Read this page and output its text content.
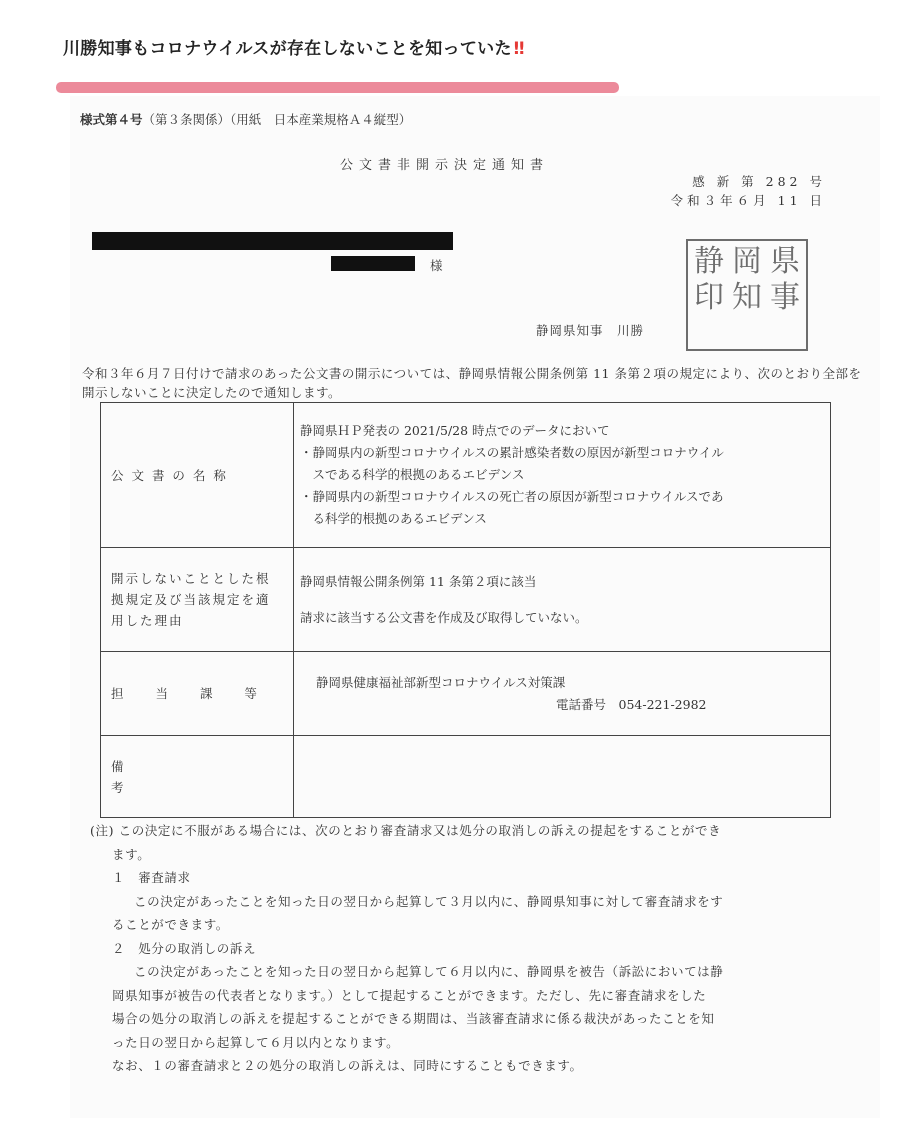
川勝知事もコロナウイルスが存在しないことを知っていた ‼
様式第４号（第３条関係）（用紙　日本産業規格Ａ４縦型）
公文書非開示決定通知書
感 新 第 282 号
令和３年６月 11 日
様	県
岡
静
事
知
印
静岡県知事　川勝
令和３年６月７日付けで請求のあった公文書の開示については、静岡県情報公開条例第 11 条第２項の規定により、次のとおり全部を開示しないことに決定したので通知します。
公 文 書 の 名 称	静岡県ＨＰ発表の 2021/5/28 時点でのデータにおいて
・静岡県内の新型コロナウイルスの累計感染者数の原因が新型コロナウイル
　スである科学的根拠のあるエビデンス
・静岡県内の新型コロナウイルスの死亡者の原因が新型コロナウイルスであ
　る科学的根拠のあるエビデンス

開示しないこととした根拠規定及び当該規定を適用した理由	静岡県情報公開条例第 11 条第２項に該当
請求に該当する公文書を作成及び取得していない。

担 当 課 等	静岡県健康福祉部新型コロナウイルス対策課
電話番号　054-221-2982

備 考	

(注) この決定に不服がある場合には、次のとおり審査請求又は処分の取消しの訴えの提起をすることができ

ます。

１　審査請求

この決定があったことを知った日の翌日から起算して３月以内に、静岡県知事に対して審査請求をす

ることができます。

２　処分の取消しの訴え

この決定があったことを知った日の翌日から起算して６月以内に、静岡県を被告（訴訟においては静

岡県知事が被告の代表者となります。）として提起することができます。ただし、先に審査請求をした

場合の処分の取消しの訴えを提起することができる期間は、当該審査請求に係る裁決があったことを知

った日の翌日から起算して６月以内となります。

なお、１の審査請求と２の処分の取消しの訴えは、同時にすることもできます。
